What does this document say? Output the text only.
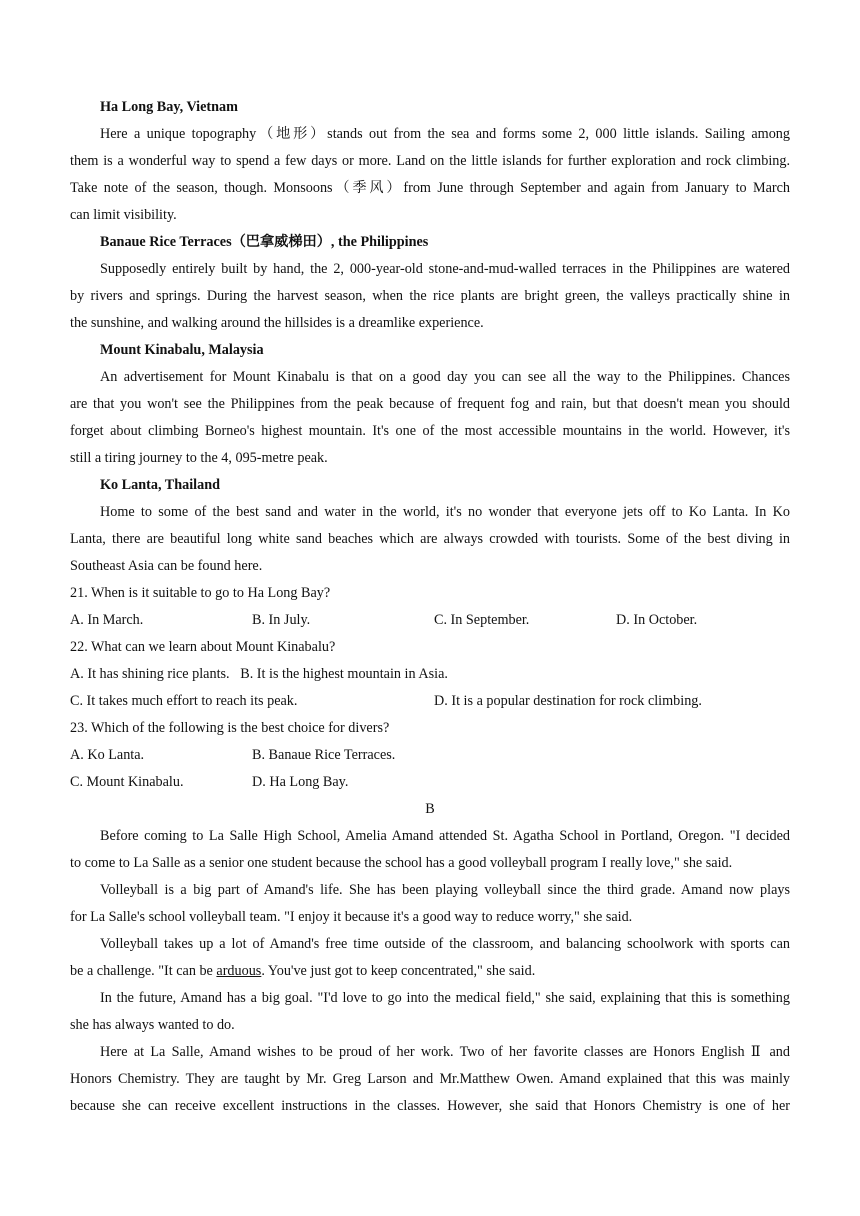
Ha Long Bay, Vietnam
Here a unique topography（地形）stands out from the sea and forms some 2, 000 little islands. Sailing among
them is a wonderful way to spend a few days or more. Land on the little islands for further exploration and rock climbing.
Take note of the season, though. Monsoons（季风）from June through September and again from January to March
can limit visibility.
Banaue Rice Terraces（巴拿威梯田）, the Philippines
Supposedly entirely built by hand, the 2, 000-year-old stone-and-mud-walled terraces in the Philippines are watered
by rivers and springs. During the harvest season, when the rice plants are bright green, the valleys practically shine in
the sunshine, and walking around the hillsides is a dreamlike experience.
Mount Kinabalu, Malaysia
An advertisement for Mount Kinabalu is that on a good day you can see all the way to the Philippines. Chances
are that you won't see the Philippines from the peak because of frequent fog and rain, but that doesn't mean you should
forget about climbing Borneo's highest mountain. It's one of the most accessible mountains in the world. However, it's
still a tiring journey to the 4, 095-metre peak.
Ko Lanta, Thailand
Home to some of the best sand and water in the world, it's no wonder that everyone jets off to Ko Lanta. In Ko
Lanta, there are beautiful long white sand beaches which are always crowded with tourists. Some of the best diving in
Southeast Asia can be found here.
21. When is it suitable to go to Ha Long Bay?
A. In March.	B. In July.	C. In September.	D. In October.
22. What can we learn about Mount Kinabalu?
A. It has shining rice plants. B. It is the highest mountain in Asia.
C. It takes much effort to reach its peak.	D. It is a popular destination for rock climbing.
23. Which of the following is the best choice for divers?
A. Ko Lanta.	B. Banaue Rice Terraces.
C. Mount Kinabalu.	D. Ha Long Bay.
B
Before coming to La Salle High School, Amelia Amand attended St. Agatha School in Portland, Oregon. "I decided
to come to La Salle as a senior one student because the school has a good volleyball program I really love," she said.
Volleyball is a big part of Amand's life. She has been playing volleyball since the third grade. Amand now plays
for La Salle's school volleyball team. "I enjoy it because it's a good way to reduce worry," she said.
Volleyball takes up a lot of Amand's free time outside of the classroom, and balancing schoolwork with sports can
be a challenge. "It can be arduous. You've just got to keep concentrated," she said.
In the future, Amand has a big goal. "I'd love to go into the medical field," she said, explaining that this is something
she has always wanted to do.
Here at La Salle, Amand wishes to be proud of her work. Two of her favorite classes are Honors English Ⅱ and
Honors Chemistry. They are taught by Mr. Greg Larson and Mr.Matthew Owen. Amand explained that this was mainly
because she can receive excellent instructions in the classes. However, she said that Honors Chemistry is one of her
